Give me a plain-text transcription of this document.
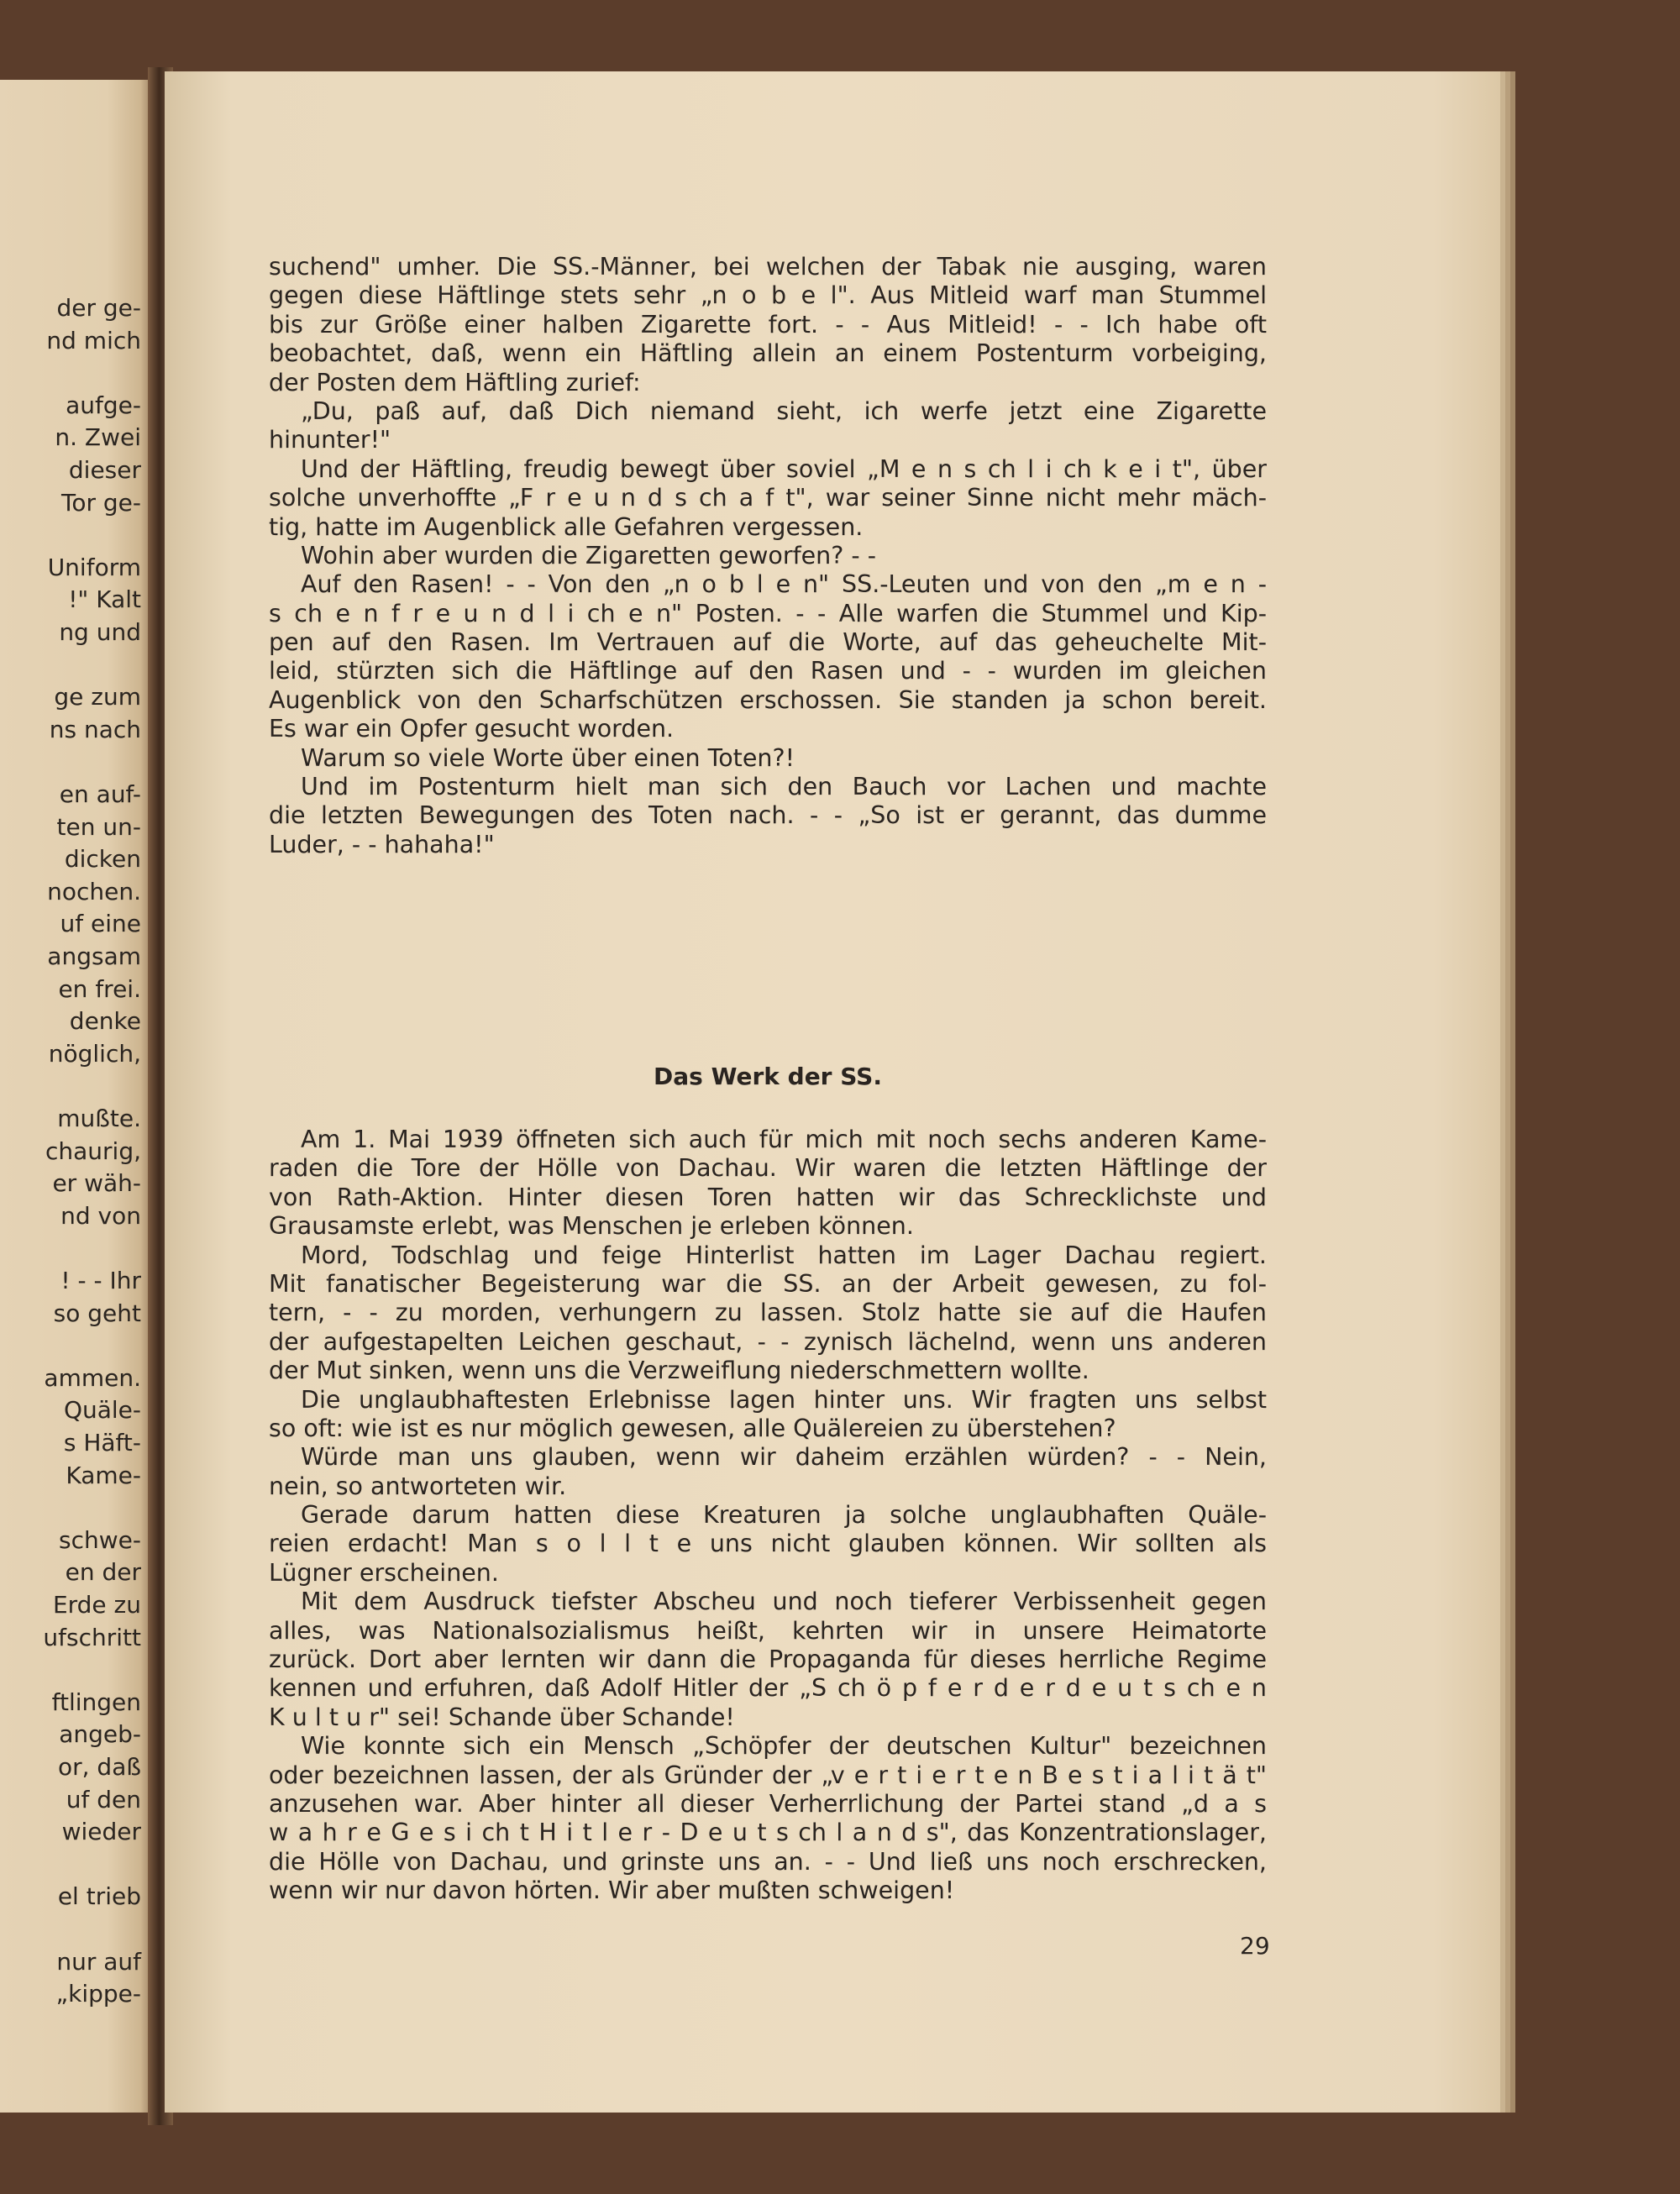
der ge-
nd mich
aufge-
n. Zwei
dieser
Tor ge-
Uniform
!" Kalt
ng und
ge zum
ns nach
en auf-
ten un-
dicken
nochen.
uf eine
angsam
en frei.
denke
nöglich,
mußte.
chaurig,
er wäh-
nd von
! - - Ihr
so geht
ammen.
Quäle-
s Häft-
Kame-
schwe-
en der
Erde zu
ufschritt
ftlingen
angeb-
or, daß
uf den
wieder
el trieb
nur auf
„kippe-
suchend" umher. Die SS.-Männer, bei welchen der Tabak nie ausging, waren
gegen diese Häftlinge stets sehr „n o b e l". Aus Mitleid warf man Stummel
bis zur Größe einer halben Zigarette fort. - - Aus Mitleid! - - Ich habe oft
beobachtet, daß, wenn ein Häftling allein an einem Postenturm vorbeiging,
der Posten dem Häftling zurief:
„Du, paß auf, daß Dich niemand sieht, ich werfe jetzt eine Zigarette
hinunter!"
Und der Häftling, freudig bewegt über soviel „M e n s ch l i ch k e i t", über
solche unverhoffte „F r e u n d s ch a f t", war seiner Sinne nicht mehr mäch-
tig, hatte im Augenblick alle Gefahren vergessen.
Wohin aber wurden die Zigaretten geworfen? - -
Auf den Rasen! - - Von den „n o b l e n" SS.-Leuten und von den „m e n -
s ch e n f r e u n d l i ch e n" Posten. - - Alle warfen die Stummel und Kip-
pen auf den Rasen. Im Vertrauen auf die Worte, auf das geheuchelte Mit-
leid, stürzten sich die Häftlinge auf den Rasen und - - wurden im gleichen
Augenblick von den Scharfschützen erschossen. Sie standen ja schon bereit.
Es war ein Opfer gesucht worden.
Warum so viele Worte über einen Toten?!
Und im Postenturm hielt man sich den Bauch vor Lachen und machte
die letzten Bewegungen des Toten nach. - - „So ist er gerannt, das dumme
Luder, - - hahaha!"
Das Werk der SS.
Am 1. Mai 1939 öffneten sich auch für mich mit noch sechs anderen Kame-
raden die Tore der Hölle von Dachau. Wir waren die letzten Häftlinge der
von Rath-Aktion. Hinter diesen Toren hatten wir das Schrecklichste und
Grausamste erlebt, was Menschen je erleben können.
Mord, Todschlag und feige Hinterlist hatten im Lager Dachau regiert.
Mit fanatischer Begeisterung war die SS. an der Arbeit gewesen, zu fol-
tern, - - zu morden, verhungern zu lassen. Stolz hatte sie auf die Haufen
der aufgestapelten Leichen geschaut, - - zynisch lächelnd, wenn uns anderen
der Mut sinken, wenn uns die Verzweiflung niederschmettern wollte.
Die unglaubhaftesten Erlebnisse lagen hinter uns. Wir fragten uns selbst
so oft: wie ist es nur möglich gewesen, alle Quälereien zu überstehen?
Würde man uns glauben, wenn wir daheim erzählen würden? - - Nein,
nein, so antworteten wir.
Gerade darum hatten diese Kreaturen ja solche unglaubhaften Quäle-
reien erdacht! Man s o l l t e uns nicht glauben können. Wir sollten als
Lügner erscheinen.
Mit dem Ausdruck tiefster Abscheu und noch tieferer Verbissenheit gegen
alles, was Nationalsozialismus heißt, kehrten wir in unsere Heimatorte
zurück. Dort aber lernten wir dann die Propaganda für dieses herrliche Regime
kennen und erfuhren, daß Adolf Hitler der „S ch ö p f e r d e r d e u t s ch e n
K u l t u r" sei! Schande über Schande!
Wie konnte sich ein Mensch „Schöpfer der deutschen Kultur" bezeichnen
oder bezeichnen lassen, der als Gründer der „v e r t i e r t e n B e s t i a l i t ä t"
anzusehen war. Aber hinter all dieser Verherrlichung der Partei stand „d a s
w a h r e G e s i ch t H i t l e r - D e u t s ch l a n d s", das Konzentrationslager,
die Hölle von Dachau, und grinste uns an. - - Und ließ uns noch erschrecken,
wenn wir nur davon hörten. Wir aber mußten schweigen!
29
